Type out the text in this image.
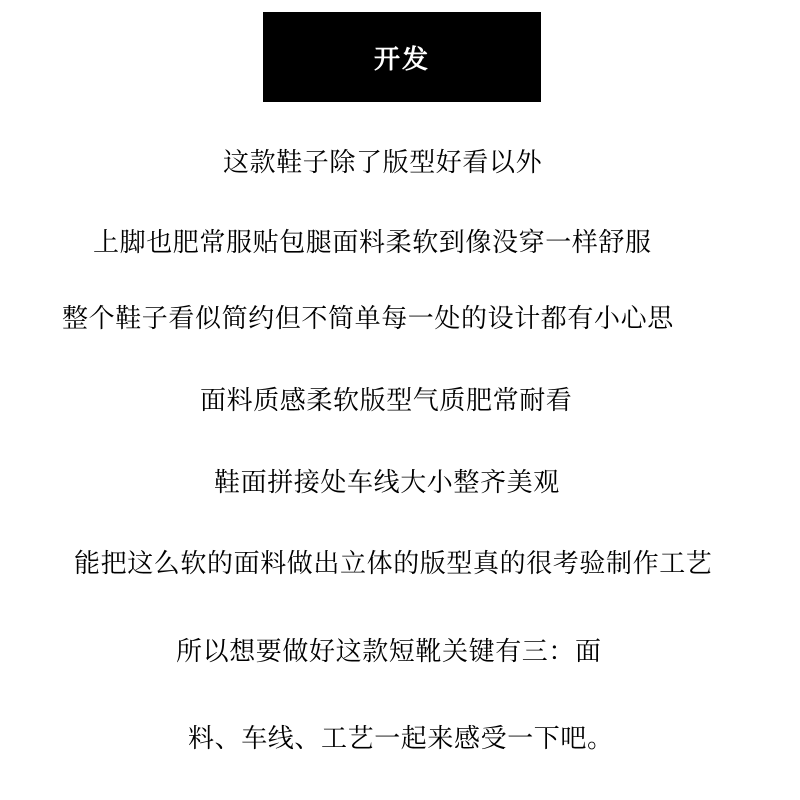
开发
这款鞋子除了版型好看以外
上脚也肥常服贴包腿面料柔软到像没穿一样舒服
整个鞋子看似简约但不简单每一处的设计都有小心思
面料质感柔软版型气质肥常耐看
鞋面拼接处车线大小整齐美观
能把这么软的面料做出立体的版型真的很考验制作工艺
所以想要做好这款短靴关键有三：面
料、车线、工艺一起来感受一下吧。
